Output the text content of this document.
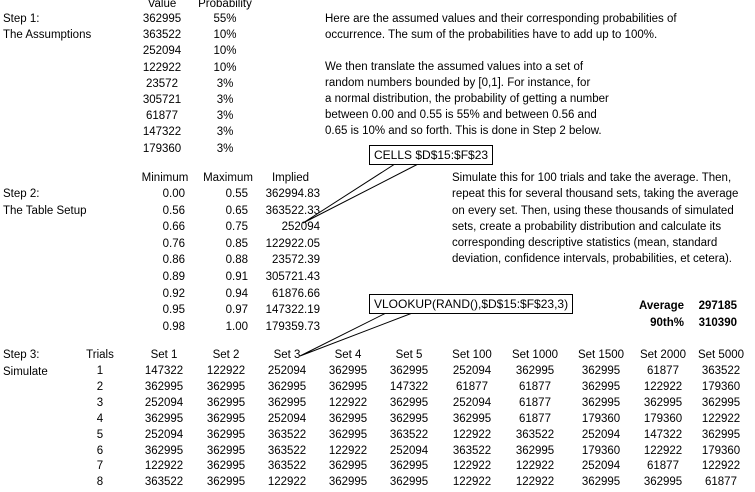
Step 1:
The Assumptions
Value	Probability
362995	55%
363522	10%
252094	10%
122922	10%
23572	3%
305721	3%
61877	3%
147322	3%
179360	3%
Here are the assumed values and their corresponding probabilities of
occurrence. The sum of the probabilities have to add up to 100%.
We then translate the assumed values into a set of
random numbers bounded by [0,1]. For instance, for
a normal distribution, the probability of getting a number
between 0.00 and 0.55 is 55% and between 0.56 and
0.65 is 10% and so forth. This is done in Step 2 below.
Step 2:
The Table Setup
Minimum	Maximum	Implied
0.00	0.55	362994.83
0.56	0.65	363522.33
0.66	0.75	252094
0.76	0.85	122922.05
0.86	0.88	23572.39
0.89	0.91	305721.43
0.92	0.94	61876.66
0.95	0.97	147322.19
0.98	1.00	179359.73
Simulate this for 100 trials and take the average. Then,
repeat this for several thousand sets, taking the average
on every set. Then, using these thousands of simulated
sets, create a probability distribution and calculate its
corresponding descriptive statistics (mean, standard
deviation, confidence intervals, probabilities, et cetera).
Average	297185
90th%	310390
CELLS $D$15:$F$23
VLOOKUP(RAND(),$D$15:$F$23,3)
Step 3:
Simulate
Trials	Set 1	Set 2	Set 3	Set 4	Set 5	Set 100	Set 1000	Set 1500	Set 2000	Set 5000
1	147322	122922	252094	362995	362995	252094	362995	362995	61877	363522
2	362995	362995	362995	362995	147322	61877	61877	362995	122922	179360
3	252094	362995	362995	122922	362995	252094	61877	362995	362995	362995
4	362995	362995	252094	362995	362995	362995	61877	179360	179360	122922
5	252094	362995	363522	362995	363522	122922	363522	252094	147322	362995
6	362995	362995	363522	122922	252094	363522	362995	179360	122922	179360
7	122922	362995	363522	362995	362995	122922	122922	252094	61877	122922
8	363522	362995	122922	362995	362995	122922	122922	362995	362995	61877
